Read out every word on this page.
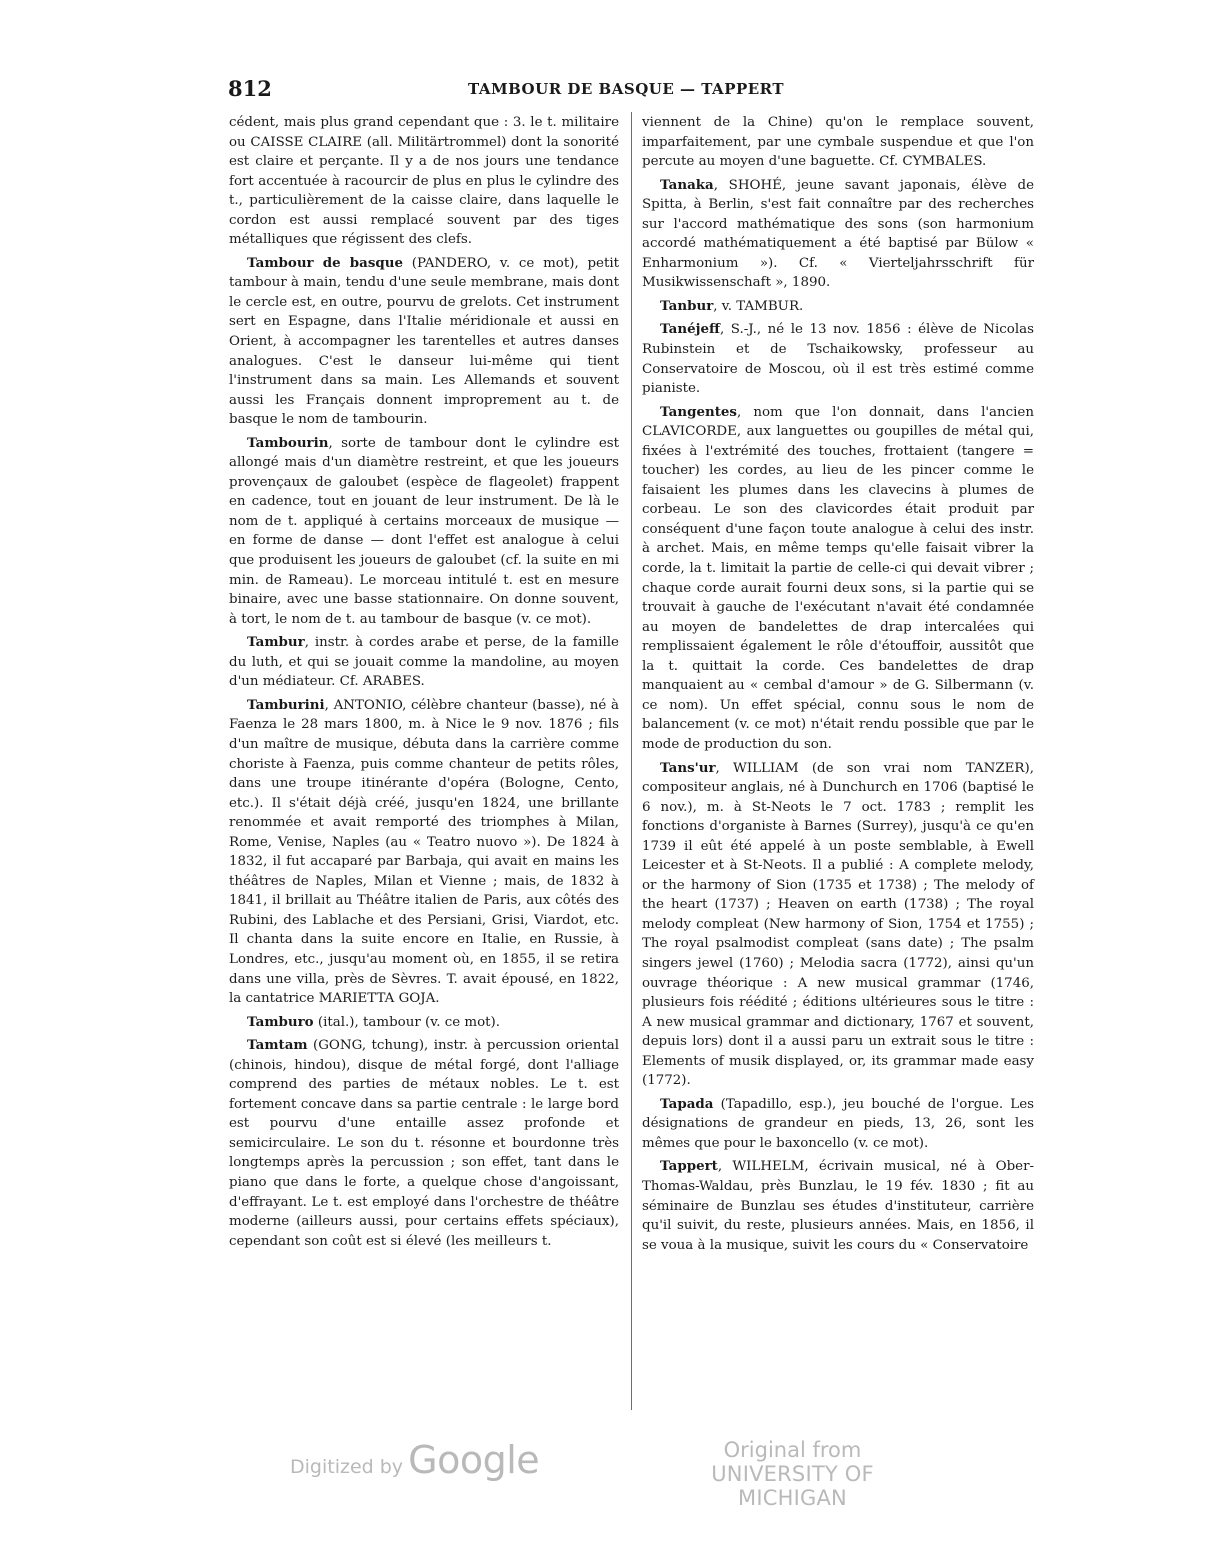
812	TAMBOUR DE BASQUE — TAPPERT

cédent, mais plus grand cependant que : 3. le t. militaire ou CAISSE CLAIRE (all. Militärtrommel) dont la sonorité est claire et perçante. Il y a de nos jours une tendance fort accentuée à racourcir de plus en plus le cylindre des t., particulièrement de la caisse claire, dans laquelle le cordon est aussi remplacé souvent par des tiges métalliques que régissent des clefs.

Tambour de basque (PANDERO, v. ce mot), petit tambour à main, tendu d'une seule membrane, mais dont le cercle est, en outre, pourvu de grelots. Cet instrument sert en Espagne, dans l'Italie méridionale et aussi en Orient, à accompagner les tarentelles et autres danses analogues. C'est le danseur lui-même qui tient l'instrument dans sa main. Les Allemands et souvent aussi les Français donnent improprement au t. de basque le nom de tambourin.

Tambourin, sorte de tambour dont le cylindre est allongé mais d'un diamètre restreint, et que les joueurs provençaux de galoubet (espèce de flageolet) frappent en cadence, tout en jouant de leur instrument. De là le nom de t. appliqué à certains morceaux de musique — en forme de danse — dont l'effet est analogue à celui que produisent les joueurs de galoubet (cf. la suite en mi min. de Rameau). Le morceau intitulé t. est en mesure binaire, avec une basse stationnaire. On donne souvent, à tort, le nom de t. au tambour de basque (v. ce mot).

Tambur, instr. à cordes arabe et perse, de la famille du luth, et qui se jouait comme la mandoline, au moyen d'un médiateur. Cf. ARABES.

Tamburini, ANTONIO, célèbre chanteur (basse), né à Faenza le 28 mars 1800, m. à Nice le 9 nov. 1876 ; fils d'un maître de musique, débuta dans la carrière comme choriste à Faenza, puis comme chanteur de petits rôles, dans une troupe itinérante d'opéra (Bologne, Cento, etc.). Il s'était déjà créé, jusqu'en 1824, une brillante renommée et avait remporté des triomphes à Milan, Rome, Venise, Naples (au « Teatro nuovo »). De 1824 à 1832, il fut accaparé par Barbaja, qui avait en mains les théâtres de Naples, Milan et Vienne ; mais, de 1832 à 1841, il brillait au Théâtre italien de Paris, aux côtés des Rubini, des Lablache et des Persiani, Grisi, Viardot, etc. Il chanta dans la suite encore en Italie, en Russie, à Londres, etc., jusqu'au moment où, en 1855, il se retira dans une villa, près de Sèvres. T. avait épousé, en 1822, la cantatrice MARIETTA GOJA.

Tamburo (ital.), tambour (v. ce mot).

Tamtam (GONG, tchung), instr. à percussion oriental (chinois, hindou), disque de métal forgé, dont l'alliage comprend des parties de métaux nobles. Le t. est fortement concave dans sa partie centrale : le large bord est pourvu d'une entaille assez profonde et semicirculaire. Le son du t. résonne et bourdonne très longtemps après la percussion ; son effet, tant dans le piano que dans le forte, a quelque chose d'angoissant, d'effrayant. Le t. est employé dans l'orchestre de théâtre moderne (ailleurs aussi, pour certains effets spéciaux), cependant son coût est si élevé (les meilleurs t.

viennent de la Chine) qu'on le remplace souvent, imparfaitement, par une cymbale suspendue et que l'on percute au moyen d'une baguette. Cf. CYMBALES.

Tanaka, SHOHÉ, jeune savant japonais, élève de Spitta, à Berlin, s'est fait connaître par des recherches sur l'accord mathématique des sons (son harmonium accordé mathématiquement a été baptisé par Bülow « Enharmonium »). Cf. « Vierteljahrsschrift für Musikwissenschaft », 1890.

Tanbur, v. TAMBUR.

Tanéjeff, S.-J., né le 13 nov. 1856 : élève de Nicolas Rubinstein et de Tschaikowsky, professeur au Conservatoire de Moscou, où il est très estimé comme pianiste.

Tangentes, nom que l'on donnait, dans l'ancien CLAVICORDE, aux languettes ou goupilles de métal qui, fixées à l'extrémité des touches, frottaient (tangere = toucher) les cordes, au lieu de les pincer comme le faisaient les plumes dans les clavecins à plumes de corbeau. Le son des clavicordes était produit par conséquent d'une façon toute analogue à celui des instr. à archet. Mais, en même temps qu'elle faisait vibrer la corde, la t. limitait la partie de celle-ci qui devait vibrer ; chaque corde aurait fourni deux sons, si la partie qui se trouvait à gauche de l'exécutant n'avait été condamnée au moyen de bandelettes de drap intercalées qui remplissaient également le rôle d'étouffoir, aussitôt que la t. quittait la corde. Ces bandelettes de drap manquaient au « cembal d'amour » de G. Silbermann (v. ce nom). Un effet spécial, connu sous le nom de balancement (v. ce mot) n'était rendu possible que par le mode de production du son.

Tans'ur, WILLIAM (de son vrai nom TANZER), compositeur anglais, né à Dunchurch en 1706 (baptisé le 6 nov.), m. à St-Neots le 7 oct. 1783 ; remplit les fonctions d'organiste à Barnes (Surrey), jusqu'à ce qu'en 1739 il eût été appelé à un poste semblable, à Ewell Leicester et à St-Neots. Il a publié : A complete melody, or the harmony of Sion (1735 et 1738) ; The melody of the heart (1737) ; Heaven on earth (1738) ; The royal melody compleat (New harmony of Sion, 1754 et 1755) ; The royal psalmodist compleat (sans date) ; The psalm singers jewel (1760) ; Melodia sacra (1772), ainsi qu'un ouvrage théorique : A new musical grammar (1746, plusieurs fois réédité ; éditions ultérieures sous le titre : A new musical grammar and dictionary, 1767 et souvent, depuis lors) dont il a aussi paru un extrait sous le titre : Elements of musik displayed, or, its grammar made easy (1772).

Tapada (Tapadillo, esp.), jeu bouché de l'orgue. Les désignations de grandeur en pieds, 13, 26, sont les mêmes que pour le baxoncello (v. ce mot).

Tappert, WILHELM, écrivain musical, né à Ober-Thomas-Waldau, près Bunzlau, le 19 fév. 1830 ; fit au séminaire de Bunzlau ses études d'instituteur, carrière qu'il suivit, du reste, plusieurs années. Mais, en 1856, il se voua à la musique, suivit les cours du « Conservatoire

Digitized by Google	Original from
UNIVERSITY OF MICHIGAN
